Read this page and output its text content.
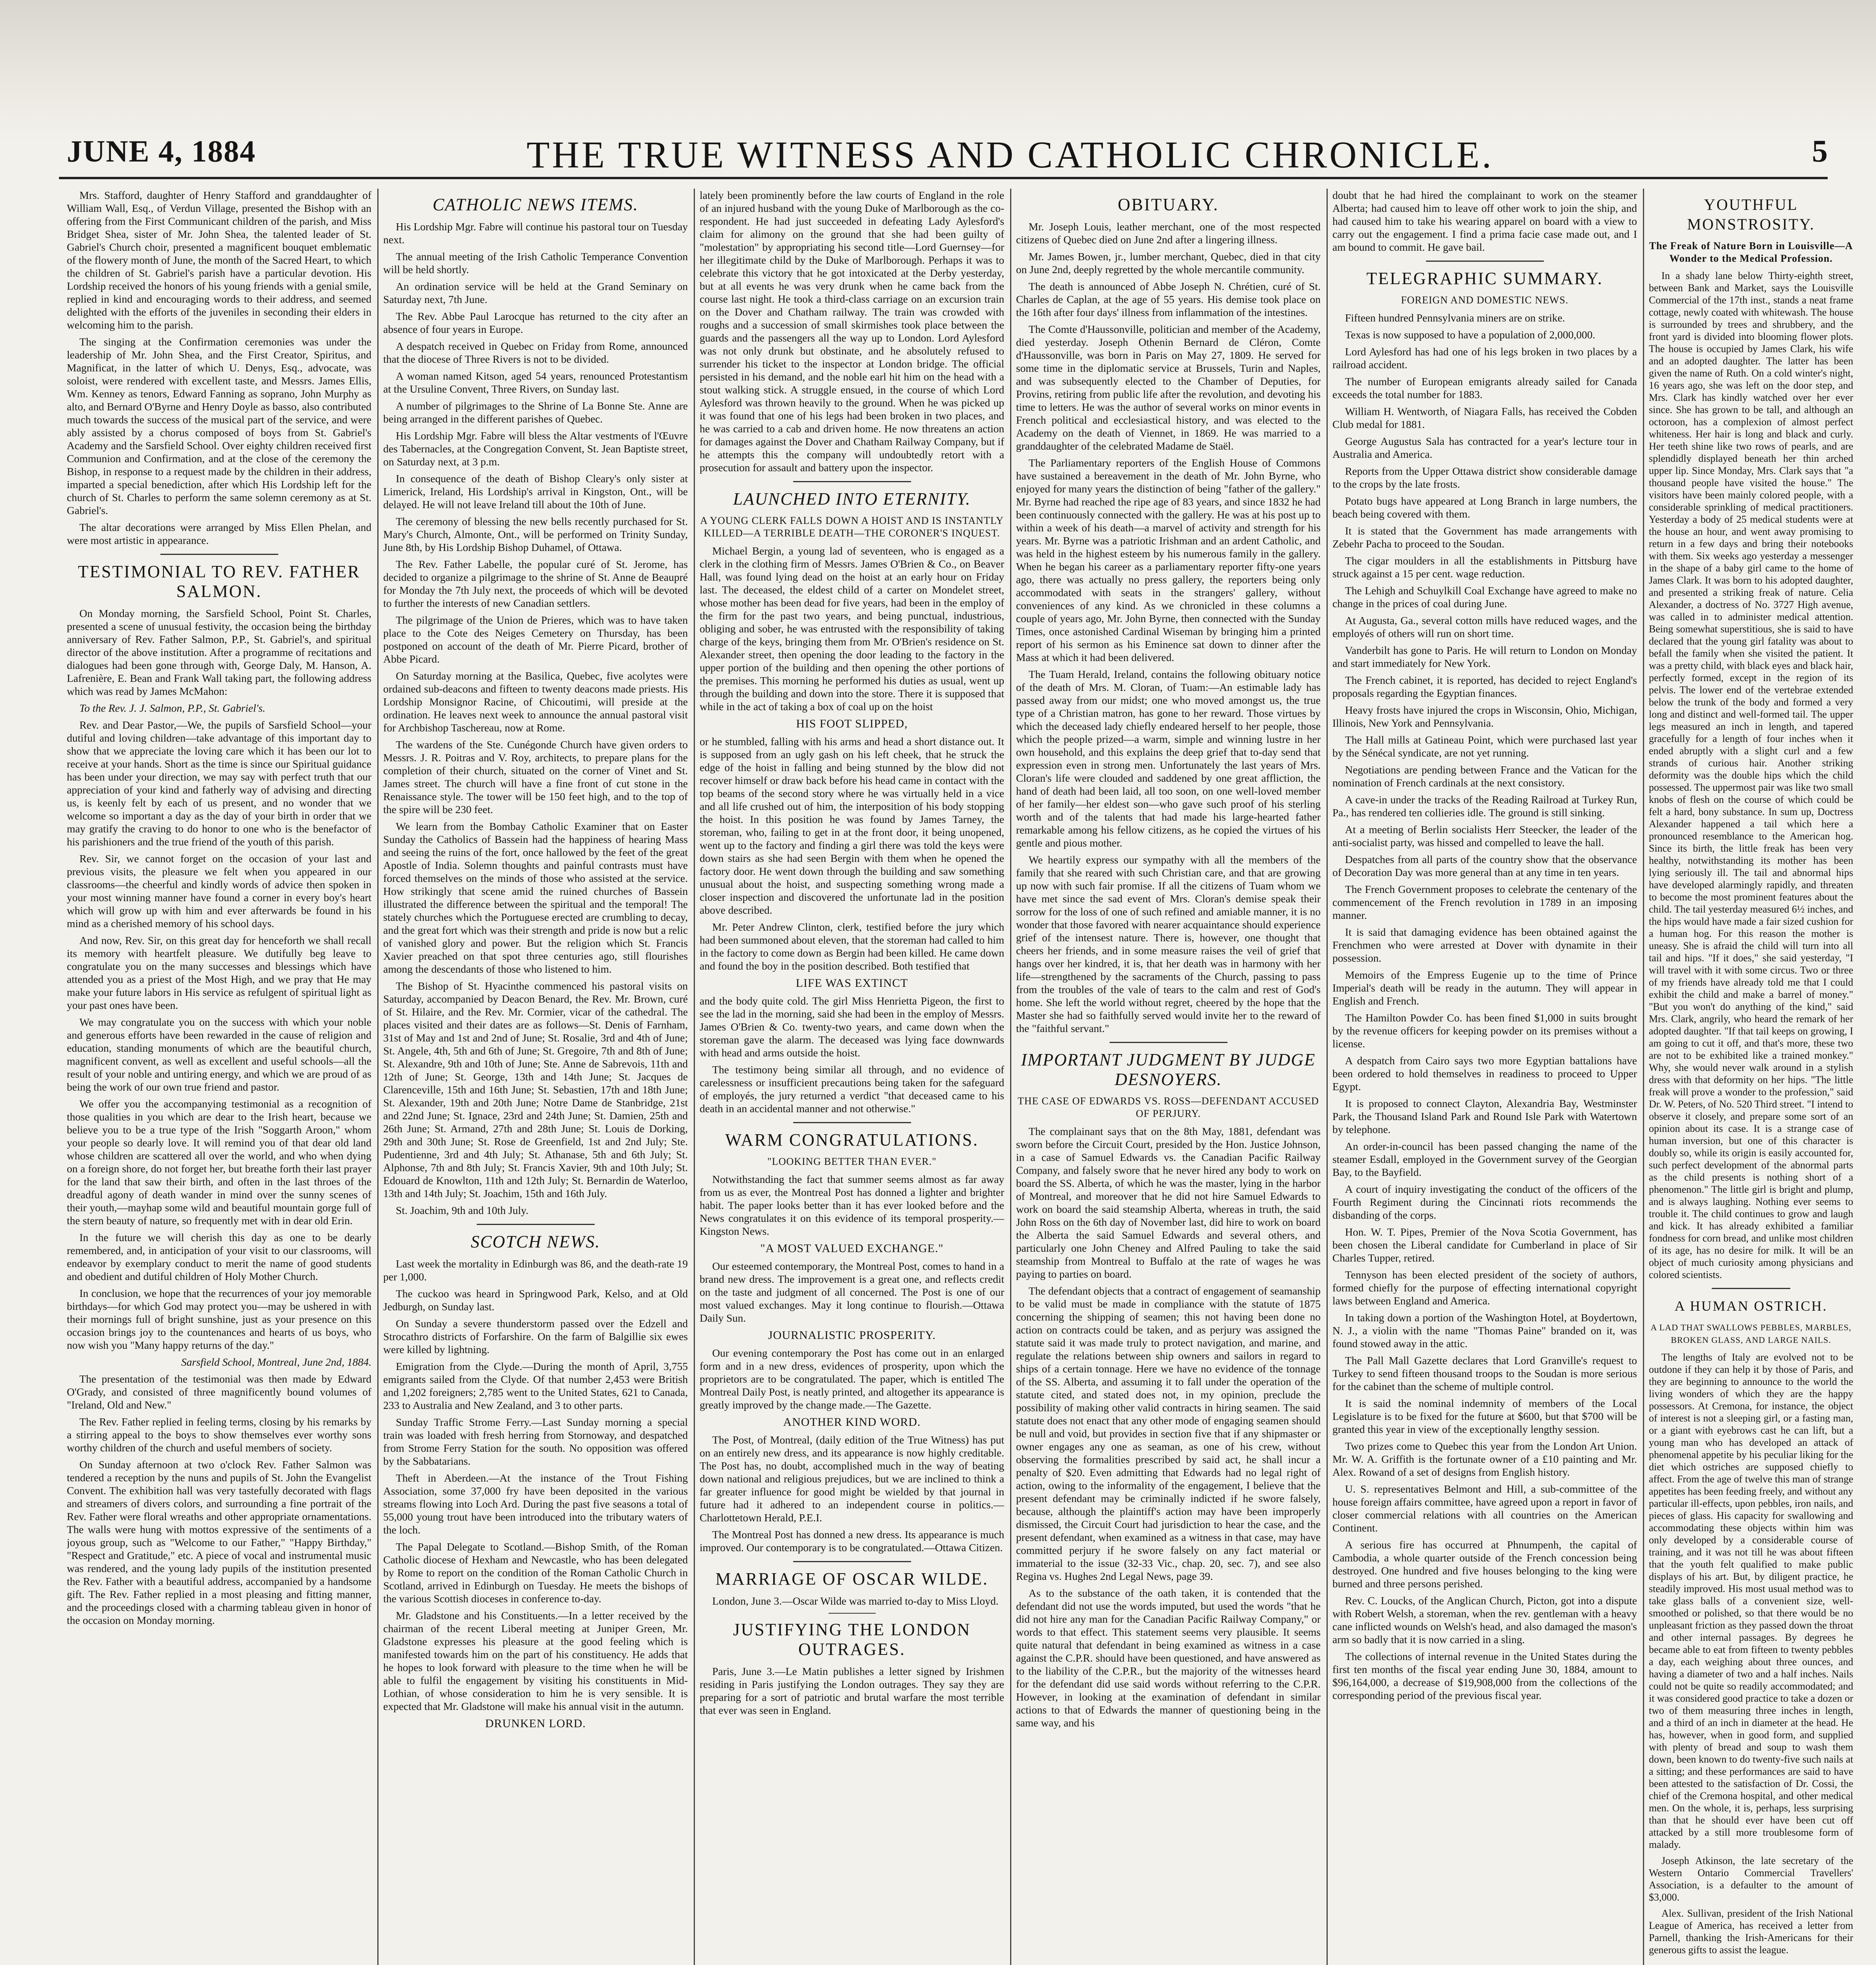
JUNE 4, 1884	THE TRUE WITNESS AND CATHOLIC CHRONICLE.	5

Mrs. Stafford, daughter of Henry Stafford and granddaughter of William Wall, Esq., of Verdun Village, presented the Bishop with an offering from the First Communicant children of the parish, and Miss Bridget Shea, sister of Mr. John Shea, the talented leader of St. Gabriel's Church choir, presented a magnificent bouquet emblematic of the flowery month of June, the month of the Sacred Heart, to which the children of St. Gabriel's parish have a particular devotion. His Lordship received the honors of his young friends with a genial smile, replied in kind and encouraging words to their address, and seemed delighted with the efforts of the juveniles in seconding their elders in welcoming him to the parish.

The singing at the Confirmation ceremonies was under the leadership of Mr. John Shea, and the First Creator, Spiritus, and Magnificat, in the latter of which U. Denys, Esq., advocate, was soloist, were rendered with excellent taste, and Messrs. James Ellis, Wm. Kenney as tenors, Edward Fanning as soprano, John Murphy as alto, and Bernard O'Byrne and Henry Doyle as basso, also contributed much towards the success of the musical part of the service, and were ably assisted by a chorus composed of boys from St. Gabriel's Academy and the Sarsfield School. Over eighty children received first Communion and Confirmation, and at the close of the ceremony the Bishop, in response to a request made by the children in their address, imparted a special benediction, after which His Lordship left for the church of St. Charles to perform the same solemn ceremony as at St. Gabriel's.

The altar decorations were arranged by Miss Ellen Phelan, and were most artistic in appearance.

TESTIMONIAL TO REV. FATHER SALMON.

On Monday morning, the Sarsfield School, Point St. Charles, presented a scene of unusual festivity, the occasion being the birthday anniversary of Rev. Father Salmon, P.P., St. Gabriel's, and spiritual director of the above institution. After a programme of recitations and dialogues had been gone through with, George Daly, M. Hanson, A. Lafrenière, E. Bean and Frank Wall taking part, the following address which was read by James McMahon:

To the Rev. J. J. Salmon, P.P., St. Gabriel's.

Rev. and Dear Pastor,—We, the pupils of Sarsfield School—your dutiful and loving children—take advantage of this important day to show that we appreciate the loving care which it has been our lot to receive at your hands. Short as the time is since our Spiritual guidance has been under your direction, we may say with perfect truth that our appreciation of your kind and fatherly way of advising and directing us, is keenly felt by each of us present, and no wonder that we welcome so important a day as the day of your birth in order that we may gratify the craving to do honor to one who is the benefactor of his parishioners and the true friend of the youth of this parish.

Rev. Sir, we cannot forget on the occasion of your last and previous visits, the pleasure we felt when you appeared in our classrooms—the cheerful and kindly words of advice then spoken in your most winning manner have found a corner in every boy's heart which will grow up with him and ever afterwards be found in his mind as a cherished memory of his school days.

And now, Rev. Sir, on this great day for henceforth we shall recall its memory with heartfelt pleasure. We dutifully beg leave to congratulate you on the many successes and blessings which have attended you as a priest of the Most High, and we pray that He may make your future labors in His service as refulgent of spiritual light as your past ones have been.

We may congratulate you on the success with which your noble and generous efforts have been rewarded in the cause of religion and education, standing monuments of which are the beautiful church, magnificent convent, as well as excellent and useful schools—all the result of your noble and untiring energy, and which we are proud of as being the work of our own true friend and pastor.

We offer you the accompanying testimonial as a recognition of those qualities in you which are dear to the Irish heart, because we believe you to be a true type of the Irish "Soggarth Aroon," whom your people so dearly love. It will remind you of that dear old land whose children are scattered all over the world, and who when dying on a foreign shore, do not forget her, but breathe forth their last prayer for the land that saw their birth, and often in the last throes of the dreadful agony of death wander in mind over the sunny scenes of their youth,—mayhap some wild and beautiful mountain gorge full of the stern beauty of nature, so frequently met with in dear old Erin.

In the future we will cherish this day as one to be dearly remembered, and, in anticipation of your visit to our classrooms, will endeavor by exemplary conduct to merit the name of good students and obedient and dutiful children of Holy Mother Church.

In conclusion, we hope that the recurrences of your joy memorable birthdays—for which God may protect you—may be ushered in with their mornings full of bright sunshine, just as your presence on this occasion brings joy to the countenances and hearts of us boys, who now wish you "Many happy returns of the day."

Sarsfield School, Montreal, June 2nd, 1884.

The presentation of the testimonial was then made by Edward O'Grady, and consisted of three magnificently bound volumes of "Ireland, Old and New."

The Rev. Father replied in feeling terms, closing by his remarks by a stirring appeal to the boys to show themselves ever worthy sons worthy children of the church and useful members of society.

On Sunday afternoon at two o'clock Rev. Father Salmon was tendered a reception by the nuns and pupils of St. John the Evangelist Convent. The exhibition hall was very tastefully decorated with flags and streamers of divers colors, and surrounding a fine portrait of the Rev. Father were floral wreaths and other appropriate ornamentations. The walls were hung with mottos expressive of the sentiments of a joyous group, such as "Welcome to our Father," "Happy Birthday," "Respect and Gratitude," etc. A piece of vocal and instrumental music was rendered, and the young lady pupils of the institution presented the Rev. Father with a beautiful address, accompanied by a handsome gift. The Rev. Father replied in a most pleasing and fitting manner, and the proceedings closed with a charming tableau given in honor of the occasion on Monday morning.

CATHOLIC NEWS ITEMS.

His Lordship Mgr. Fabre will continue his pastoral tour on Tuesday next.

The annual meeting of the Irish Catholic Temperance Convention will be held shortly.

An ordination service will be held at the Grand Seminary on Saturday next, 7th June.

The Rev. Abbe Paul Larocque has returned to the city after an absence of four years in Europe.

A despatch received in Quebec on Friday from Rome, announced that the diocese of Three Rivers is not to be divided.

A woman named Kitson, aged 54 years, renounced Protestantism at the Ursuline Convent, Three Rivers, on Sunday last.

A number of pilgrimages to the Shrine of La Bonne Ste. Anne are being arranged in the different parishes of Quebec.

His Lordship Mgr. Fabre will bless the Altar vestments of l'Œuvre des Tabernacles, at the Congregation Convent, St. Jean Baptiste street, on Saturday next, at 3 p.m.

In consequence of the death of Bishop Cleary's only sister at Limerick, Ireland, His Lordship's arrival in Kingston, Ont., will be delayed. He will not leave Ireland till about the 10th of June.

The ceremony of blessing the new bells recently purchased for St. Mary's Church, Almonte, Ont., will be performed on Trinity Sunday, June 8th, by His Lordship Bishop Duhamel, of Ottawa.

The Rev. Father Labelle, the popular curé of St. Jerome, has decided to organize a pilgrimage to the shrine of St. Anne de Beaupré for Monday the 7th July next, the proceeds of which will be devoted to further the interests of new Canadian settlers.

The pilgrimage of the Union de Prieres, which was to have taken place to the Cote des Neiges Cemetery on Thursday, has been postponed on account of the death of Mr. Pierre Picard, brother of Abbe Picard.

On Saturday morning at the Basilica, Quebec, five acolytes were ordained sub-deacons and fifteen to twenty deacons made priests. His Lordship Monsignor Racine, of Chicoutimi, will preside at the ordination. He leaves next week to announce the annual pastoral visit for Archbishop Taschereau, now at Rome.

The wardens of the Ste. Cunégonde Church have given orders to Messrs. J. R. Poitras and V. Roy, architects, to prepare plans for the completion of their church, situated on the corner of Vinet and St. James street. The church will have a fine front of cut stone in the Renaissance style. The tower will be 150 feet high, and to the top of the spire will be 230 feet.

We learn from the Bombay Catholic Examiner that on Easter Sunday the Catholics of Bassein had the happiness of hearing Mass and seeing the ruins of the fort, once hallowed by the feet of the great Apostle of India. Solemn thoughts and painful contrasts must have forced themselves on the minds of those who assisted at the service. How strikingly that scene amid the ruined churches of Bassein illustrated the difference between the spiritual and the temporal! The stately churches which the Portuguese erected are crumbling to decay, and the great fort which was their strength and pride is now but a relic of vanished glory and power. But the religion which St. Francis Xavier preached on that spot three centuries ago, still flourishes among the descendants of those who listened to him.

The Bishop of St. Hyacinthe commenced his pastoral visits on Saturday, accompanied by Deacon Benard, the Rev. Mr. Brown, curé of St. Hilaire, and the Rev. Mr. Cormier, vicar of the cathedral. The places visited and their dates are as follows—St. Denis of Farnham, 31st of May and 1st and 2nd of June; St. Rosalie, 3rd and 4th of June; St. Angele, 4th, 5th and 6th of June; St. Gregoire, 7th and 8th of June; St. Alexandre, 9th and 10th of June; Ste. Anne de Sabrevois, 11th and 12th of June; St. George, 13th and 14th June; St. Jacques de Clarenceville, 15th and 16th June; St. Sebastien, 17th and 18th June; St. Alexander, 19th and 20th June; Notre Dame de Stanbridge, 21st and 22nd June; St. Ignace, 23rd and 24th June; St. Damien, 25th and 26th June; St. Armand, 27th and 28th June; St. Louis de Dorking, 29th and 30th June; St. Rose de Greenfield, 1st and 2nd July; Ste. Pudentienne, 3rd and 4th July; St. Athanase, 5th and 6th July; St. Alphonse, 7th and 8th July; St. Francis Xavier, 9th and 10th July; St. Edouard de Knowlton, 11th and 12th July; St. Bernardin de Waterloo, 13th and 14th July; St. Joachim, 15th and 16th July.

St. Joachim, 9th and 10th July.

SCOTCH NEWS.

Last week the mortality in Edinburgh was 86, and the death-rate 19 per 1,000.

The cuckoo was heard in Springwood Park, Kelso, and at Old Jedburgh, on Sunday last.

On Sunday a severe thunderstorm passed over the Edzell and Strocathro districts of Forfarshire. On the farm of Balgillie six ewes were killed by lightning.

Emigration from the Clyde.—During the month of April, 3,755 emigrants sailed from the Clyde. Of that number 2,453 were British and 1,202 foreigners; 2,785 went to the United States, 621 to Canada, 233 to Australia and New Zealand, and 3 to other parts.

Sunday Traffic Strome Ferry.—Last Sunday morning a special train was loaded with fresh herring from Stornoway, and despatched from Strome Ferry Station for the south. No opposition was offered by the Sabbatarians.

Theft in Aberdeen.—At the instance of the Trout Fishing Association, some 37,000 fry have been deposited in the various streams flowing into Loch Ard. During the past five seasons a total of 55,000 young trout have been introduced into the tributary waters of the loch.

The Papal Delegate to Scotland.—Bishop Smith, of the Roman Catholic diocese of Hexham and Newcastle, who has been delegated by Rome to report on the condition of the Roman Catholic Church in Scotland, arrived in Edinburgh on Tuesday. He meets the bishops of the various Scottish dioceses in conference to-day.

Mr. Gladstone and his Constituents.—In a letter received by the chairman of the recent Liberal meeting at Juniper Green, Mr. Gladstone expresses his pleasure at the good feeling which is manifested towards him on the part of his constituency. He adds that he hopes to look forward with pleasure to the time when he will be able to fulfil the engagement by visiting his constituents in Mid-Lothian, of whose consideration to him he is very sensible. It is expected that Mr. Gladstone will make his annual visit in the autumn.

DRUNKEN LORD.

lately been prominently before the law courts of England in the role of an injured husband with the young Duke of Marlborough as the co-respondent. He had just succeeded in defeating Lady Aylesford's claim for alimony on the ground that she had been guilty of "molestation" by appropriating his second title—Lord Guernsey—for her illegitimate child by the Duke of Marlborough. Perhaps it was to celebrate this victory that he got intoxicated at the Derby yesterday, but at all events he was very drunk when he came back from the course last night. He took a third-class carriage on an excursion train on the Dover and Chatham railway. The train was crowded with roughs and a succession of small skirmishes took place between the guards and the passengers all the way up to London. Lord Aylesford was not only drunk but obstinate, and he absolutely refused to surrender his ticket to the inspector at London bridge. The official persisted in his demand, and the noble earl hit him on the head with a stout walking stick. A struggle ensued, in the course of which Lord Aylesford was thrown heavily to the ground. When he was picked up it was found that one of his legs had been broken in two places, and he was carried to a cab and driven home. He now threatens an action for damages against the Dover and Chatham Railway Company, but if he attempts this the company will undoubtedly retort with a prosecution for assault and battery upon the inspector.

LAUNCHED INTO ETERNITY.
A YOUNG CLERK FALLS DOWN A HOIST AND IS INSTANTLY KILLED—A TERRIBLE DEATH—THE CORONER'S INQUEST.

Michael Bergin, a young lad of seventeen, who is engaged as a clerk in the clothing firm of Messrs. James O'Brien & Co., on Beaver Hall, was found lying dead on the hoist at an early hour on Friday last. The deceased, the eldest child of a carter on Mondelet street, whose mother has been dead for five years, had been in the employ of the firm for the past two years, and being punctual, industrious, obliging and sober, he was entrusted with the responsibility of taking charge of the keys, bringing them from Mr. O'Brien's residence on St. Alexander street, then opening the door leading to the factory in the upper portion of the building and then opening the other portions of the premises. This morning he performed his duties as usual, went up through the building and down into the store. There it is supposed that while in the act of taking a box of coal up on the hoist

HIS FOOT SLIPPED,

or he stumbled, falling with his arms and head a short distance out. It is supposed from an ugly gash on his left cheek, that he struck the edge of the hoist in falling and being stunned by the blow did not recover himself or draw back before his head came in contact with the top beams of the second story where he was virtually held in a vice and all life crushed out of him, the interposition of his body stopping the hoist. In this position he was found by James Tarney, the storeman, who, failing to get in at the front door, it being unopened, went up to the factory and finding a girl there was told the keys were down stairs as she had seen Bergin with them when he opened the factory door. He went down through the building and saw something unusual about the hoist, and suspecting something wrong made a closer inspection and discovered the unfortunate lad in the position above described.

Mr. Peter Andrew Clinton, clerk, testified before the jury which had been summoned about eleven, that the storeman had called to him in the factory to come down as Bergin had been killed. He came down and found the boy in the position described. Both testified that

LIFE WAS EXTINCT

and the body quite cold. The girl Miss Henrietta Pigeon, the first to see the lad in the morning, said she had been in the employ of Messrs. James O'Brien & Co. twenty-two years, and came down when the storeman gave the alarm. The deceased was lying face downwards with head and arms outside the hoist.

The testimony being similar all through, and no evidence of carelessness or insufficient precautions being taken for the safeguard of employés, the jury returned a verdict "that deceased came to his death in an accidental manner and not otherwise."

WARM CONGRATULATIONS.
"LOOKING BETTER THAN EVER."

Notwithstanding the fact that summer seems almost as far away from us as ever, the Montreal Post has donned a lighter and brighter habit. The paper looks better than it has ever looked before and the News congratulates it on this evidence of its temporal prosperity.—Kingston News.

"A MOST VALUED EXCHANGE."

Our esteemed contemporary, the Montreal Post, comes to hand in a brand new dress. The improvement is a great one, and reflects credit on the taste and judgment of all concerned. The Post is one of our most valued exchanges. May it long continue to flourish.—Ottawa Daily Sun.

JOURNALISTIC PROSPERITY.

Our evening contemporary the Post has come out in an enlarged form and in a new dress, evidences of prosperity, upon which the proprietors are to be congratulated. The paper, which is entitled The Montreal Daily Post, is neatly printed, and altogether its appearance is greatly improved by the change made.—The Gazette.

ANOTHER KIND WORD.

The Post, of Montreal, (daily edition of the True Witness) has put on an entirely new dress, and its appearance is now highly creditable. The Post has, no doubt, accomplished much in the way of beating down national and religious prejudices, but we are inclined to think a far greater influence for good might be wielded by that journal in future had it adhered to an independent course in politics.—Charlottetown Herald, P.E.I.

The Montreal Post has donned a new dress. Its appearance is much improved. Our contemporary is to be congratulated.—Ottawa Citizen.

MARRIAGE OF OSCAR WILDE.

London, June 3.—Oscar Wilde was married to-day to Miss Lloyd.

JUSTIFYING THE LONDON OUTRAGES.

Paris, June 3.—Le Matin publishes a letter signed by Irishmen residing in Paris justifying the London outrages. They say they are preparing for a sort of patriotic and brutal warfare the most terrible that ever was seen in England.

OBITUARY.

Mr. Joseph Louis, leather merchant, one of the most respected citizens of Quebec died on June 2nd after a lingering illness.

Mr. James Bowen, jr., lumber merchant, Quebec, died in that city on June 2nd, deeply regretted by the whole mercantile community.

The death is announced of Abbe Joseph N. Chrétien, curé of St. Charles de Caplan, at the age of 55 years. His demise took place on the 16th after four days' illness from inflammation of the intestines.

The Comte d'Haussonville, politician and member of the Academy, died yesterday. Joseph Othenin Bernard de Cléron, Comte d'Haussonville, was born in Paris on May 27, 1809. He served for some time in the diplomatic service at Brussels, Turin and Naples, and was subsequently elected to the Chamber of Deputies, for Provins, retiring from public life after the revolution, and devoting his time to letters. He was the author of several works on minor events in French political and ecclesiastical history, and was elected to the Academy on the death of Viennet, in 1869. He was married to a granddaughter of the celebrated Madame de Staël.

The Parliamentary reporters of the English House of Commons have sustained a bereavement in the death of Mr. John Byrne, who enjoyed for many years the distinction of being "father of the gallery." Mr. Byrne had reached the ripe age of 83 years, and since 1832 he had been continuously connected with the gallery. He was at his post up to within a week of his death—a marvel of activity and strength for his years. Mr. Byrne was a patriotic Irishman and an ardent Catholic, and was held in the highest esteem by his numerous family in the gallery. When he began his career as a parliamentary reporter fifty-one years ago, there was actually no press gallery, the reporters being only accommodated with seats in the strangers' gallery, without conveniences of any kind. As we chronicled in these columns a couple of years ago, Mr. John Byrne, then connected with the Sunday Times, once astonished Cardinal Wiseman by bringing him a printed report of his sermon as his Eminence sat down to dinner after the Mass at which it had been delivered.

The Tuam Herald, Ireland, contains the following obituary notice of the death of Mrs. M. Cloran, of Tuam:—An estimable lady has passed away from our midst; one who moved amongst us, the true type of a Christian matron, has gone to her reward. Those virtues by which the deceased lady chiefly endeared herself to her people, those which the people prized—a warm, simple and winning lustre in her own household, and this explains the deep grief that to-day send that expression even in strong men. Unfortunately the last years of Mrs. Cloran's life were clouded and saddened by one great affliction, the hand of death had been laid, all too soon, on one well-loved member of her family—her eldest son—who gave such proof of his sterling worth and of the talents that had made his large-hearted father remarkable among his fellow citizens, as he copied the virtues of his gentle and pious mother.

We heartily express our sympathy with all the members of the family that she reared with such Christian care, and that are growing up now with such fair promise. If all the citizens of Tuam whom we have met since the sad event of Mrs. Cloran's demise speak their sorrow for the loss of one of such refined and amiable manner, it is no wonder that those favored with nearer acquaintance should experience grief of the intensest nature. There is, however, one thought that cheers her friends, and in some measure raises the veil of grief that hangs over her kindred, it is, that her death was in harmony with her life—strengthened by the sacraments of the Church, passing to pass from the troubles of the vale of tears to the calm and rest of God's home. She left the world without regret, cheered by the hope that the Master she had so faithfully served would invite her to the reward of the "faithful servant."

IMPORTANT JUDGMENT BY JUDGE DESNOYERS.
THE CASE OF EDWARDS VS. ROSS—DEFENDANT ACCUSED OF PERJURY.

The complainant says that on the 8th May, 1881, defendant was sworn before the Circuit Court, presided by the Hon. Justice Johnson, in a case of Samuel Edwards vs. the Canadian Pacific Railway Company, and falsely swore that he never hired any body to work on board the SS. Alberta, of which he was the master, lying in the harbor of Montreal, and moreover that he did not hire Samuel Edwards to work on board the said steamship Alberta, whereas in truth, the said John Ross on the 6th day of November last, did hire to work on board the Alberta the said Samuel Edwards and several others, and particularly one John Cheney and Alfred Pauling to take the said steamship from Montreal to Buffalo at the rate of wages he was paying to parties on board.

The defendant objects that a contract of engagement of seamanship to be valid must be made in compliance with the statute of 1875 concerning the shipping of seamen; this not having been done no action on contracts could be taken, and as perjury was assigned the statute said it was made truly to protect navigation, and marine, and regulate the relations between ship owners and sailors in regard to ships of a certain tonnage. Here we have no evidence of the tonnage of the SS. Alberta, and assuming it to fall under the operation of the statute cited, and stated does not, in my opinion, preclude the possibility of making other valid contracts in hiring seamen. The said statute does not enact that any other mode of engaging seamen should be null and void, but provides in section five that if any shipmaster or owner engages any one as seaman, as one of his crew, without observing the formalities prescribed by said act, he shall incur a penalty of $20. Even admitting that Edwards had no legal right of action, owing to the informality of the engagement, I believe that the present defendant may be criminally indicted if he swore falsely, because, although the plaintiff's action may have been improperly dismissed, the Circuit Court had jurisdiction to hear the case, and the present defendant, when examined as a witness in that case, may have committed perjury if he swore falsely on any fact material or immaterial to the issue (32-33 Vic., chap. 20, sec. 7), and see also Regina vs. Hughes 2nd Legal News, page 39.

As to the substance of the oath taken, it is contended that the defendant did not use the words imputed, but used the words "that he did not hire any man for the Canadian Pacific Railway Company," or words to that effect. This statement seems very plausible. It seems quite natural that defendant in being examined as witness in a case against the C.P.R. should have been questioned, and have answered as to the liability of the C.P.R., but the majority of the witnesses heard for the defendant did use said words without referring to the C.P.R. However, in looking at the examination of defendant in similar actions to that of Edwards the manner of questioning being in the same way, and his

doubt that he had hired the complainant to work on the steamer Alberta; had caused him to leave off other work to join the ship, and had caused him to take his wearing apparel on board with a view to carry out the engagement. I find a prima facie case made out, and I am bound to commit. He gave bail.

TELEGRAPHIC SUMMARY.
FOREIGN AND DOMESTIC NEWS.

Fifteen hundred Pennsylvania miners are on strike.

Texas is now supposed to have a population of 2,000,000.

Lord Aylesford has had one of his legs broken in two places by a railroad accident.

The number of European emigrants already sailed for Canada exceeds the total number for 1883.

William H. Wentworth, of Niagara Falls, has received the Cobden Club medal for 1881.

George Augustus Sala has contracted for a year's lecture tour in Australia and America.

Reports from the Upper Ottawa district show considerable damage to the crops by the late frosts.

Potato bugs have appeared at Long Branch in large numbers, the beach being covered with them.

It is stated that the Government has made arrangements with Zebehr Pacha to proceed to the Soudan.

The cigar moulders in all the establishments in Pittsburg have struck against a 15 per cent. wage reduction.

The Lehigh and Schuylkill Coal Exchange have agreed to make no change in the prices of coal during June.

At Augusta, Ga., several cotton mills have reduced wages, and the employés of others will run on short time.

Vanderbilt has gone to Paris. He will return to London on Monday and start immediately for New York.

The French cabinet, it is reported, has decided to reject England's proposals regarding the Egyptian finances.

Heavy frosts have injured the crops in Wisconsin, Ohio, Michigan, Illinois, New York and Pennsylvania.

The Hall mills at Gatineau Point, which were purchased last year by the Sénécal syndicate, are not yet running.

Negotiations are pending between France and the Vatican for the nomination of French cardinals at the next consistory.

A cave-in under the tracks of the Reading Railroad at Turkey Run, Pa., has rendered ten collieries idle. The ground is still sinking.

At a meeting of Berlin socialists Herr Steecker, the leader of the anti-socialist party, was hissed and compelled to leave the hall.

Despatches from all parts of the country show that the observance of Decoration Day was more general than at any time in ten years.

The French Government proposes to celebrate the centenary of the commencement of the French revolution in 1789 in an imposing manner.

It is said that damaging evidence has been obtained against the Frenchmen who were arrested at Dover with dynamite in their possession.

Memoirs of the Empress Eugenie up to the time of Prince Imperial's death will be ready in the autumn. They will appear in English and French.

The Hamilton Powder Co. has been fined $1,000 in suits brought by the revenue officers for keeping powder on its premises without a license.

A despatch from Cairo says two more Egyptian battalions have been ordered to hold themselves in readiness to proceed to Upper Egypt.

It is proposed to connect Clayton, Alexandria Bay, Westminster Park, the Thousand Island Park and Round Isle Park with Watertown by telephone.

An order-in-council has been passed changing the name of the steamer Esdall, employed in the Government survey of the Georgian Bay, to the Bayfield.

A court of inquiry investigating the conduct of the officers of the Fourth Regiment during the Cincinnati riots recommends the disbanding of the corps.

Hon. W. T. Pipes, Premier of the Nova Scotia Government, has been chosen the Liberal candidate for Cumberland in place of Sir Charles Tupper, retired.

Tennyson has been elected president of the society of authors, formed chiefly for the purpose of effecting international copyright laws between England and America.

In taking down a portion of the Washington Hotel, at Boydertown, N. J., a violin with the name "Thomas Paine" branded on it, was found stowed away in the attic.

The Pall Mall Gazette declares that Lord Granville's request to Turkey to send fifteen thousand troops to the Soudan is more serious for the cabinet than the scheme of multiple control.

It is said the nominal indemnity of members of the Local Legislature is to be fixed for the future at $600, but that $700 will be granted this year in view of the exceptionally lengthy session.

Two prizes come to Quebec this year from the London Art Union. Mr. W. A. Griffith is the fortunate owner of a £10 painting and Mr. Alex. Rowand of a set of designs from English history.

U. S. representatives Belmont and Hill, a sub-committee of the house foreign affairs committee, have agreed upon a report in favor of closer commercial relations with all countries on the American Continent.

A serious fire has occurred at Phnumpenh, the capital of Cambodia, a whole quarter outside of the French concession being destroyed. One hundred and five houses belonging to the king were burned and three persons perished.

Rev. C. Loucks, of the Anglican Church, Picton, got into a dispute with Robert Welsh, a storeman, when the rev. gentleman with a heavy cane inflicted wounds on Welsh's head, and also damaged the mason's arm so badly that it is now carried in a sling.

The collections of internal revenue in the United States during the first ten months of the fiscal year ending June 30, 1884, amount to $96,164,000, a decrease of $19,908,000 from the collections of the corresponding period of the previous fiscal year.

YOUTHFUL MONSTROSITY.
The Freak of Nature Born in Louisville—A Wonder to the Medical Profession.

In a shady lane below Thirty-eighth street, between Bank and Market, says the Louisville Commercial of the 17th inst., stands a neat frame cottage, newly coated with whitewash. The house is surrounded by trees and shrubbery, and the front yard is divided into blooming flower plots. The house is occupied by James Clark, his wife and an adopted daughter. The latter has been given the name of Ruth. On a cold winter's night, 16 years ago, she was left on the door step, and Mrs. Clark has kindly watched over her ever since. She has grown to be tall, and although an octoroon, has a complexion of almost perfect whiteness. Her hair is long and black and curly. Her teeth shine like two rows of pearls, and are splendidly displayed beneath her thin arched upper lip. Since Monday, Mrs. Clark says that "a thousand people have visited the house." The visitors have been mainly colored people, with a considerable sprinkling of medical practitioners. Yesterday a body of 25 medical students were at the house an hour, and went away promising to return in a few days and bring their notebooks with them. Six weeks ago yesterday a messenger in the shape of a baby girl came to the home of James Clark. It was born to his adopted daughter, and presented a striking freak of nature. Celia Alexander, a doctress of No. 3727 High avenue, was called in to administer medical attention. Being somewhat superstitious, she is said to have declared that the young girl fatality was about to befall the family when she visited the patient. It was a pretty child, with black eyes and black hair, perfectly formed, except in the region of its pelvis. The lower end of the vertebrae extended below the trunk of the body and formed a very long and distinct and well-formed tail. The upper legs measured an inch in length, and tapered gracefully for a length of four inches when it ended abruptly with a slight curl and a few strands of curious hair. Another striking deformity was the double hips which the child possessed. The uppermost pair was like two small knobs of flesh on the course of which could be felt a hard, bony substance. In sum up, Doctress Alexander happened a tail which here a pronounced resemblance to the American hog. Since its birth, the little freak has been very healthy, notwithstanding its mother has been lying seriously ill. The tail and abnormal hips have developed alarmingly rapidly, and threaten to become the most prominent features about the child. The tail yesterday measured 6½ inches, and the hips would have made a fair sized cushion for a human hog. For this reason the mother is uneasy. She is afraid the child will turn into all tail and hips. "If it does," she said yesterday, "I will travel with it with some circus. Two or three of my friends have already told me that I could exhibit the child and make a barrel of money." "But you won't do anything of the kind," said Mrs. Clark, angrily, who heard the remark of her adopted daughter. "If that tail keeps on growing, I am going to cut it off, and that's more, these two are not to be exhibited like a trained monkey." Why, she would never walk around in a stylish dress with that deformity on her hips. "The little freak will prove a wonder to the profession," said Dr. W. Peters, of No. 520 Third street. "I intend to observe it closely, and prepare some sort of an opinion about its case. It is a strange case of human inversion, but one of this character is doubly so, while its origin is easily accounted for, such perfect development of the abnormal parts as the child presents is nothing short of a phenomenon." The little girl is bright and plump, and is always laughing. Nothing ever seems to trouble it. The child continues to grow and laugh and kick. It has already exhibited a familiar fondness for corn bread, and unlike most children of its age, has no desire for milk. It will be an object of much curiosity among physicians and colored scientists.

A HUMAN OSTRICH.
A LAD THAT SWALLOWS PEBBLES, MARBLES, BROKEN GLASS, AND LARGE NAILS.

The lengths of Italy are evolved not to be outdone if they can help it by those of Paris, and they are beginning to announce to the world the living wonders of which they are the happy possessors. At Cremona, for instance, the object of interest is not a sleeping girl, or a fasting man, or a giant with eyebrows cast he can lift, but a young man who has developed an attack of phenomenal appetite by his peculiar liking for the diet which ostriches are supposed chiefly to affect. From the age of twelve this man of strange appetites has been feeding freely, and without any particular ill-effects, upon pebbles, iron nails, and pieces of glass. His capacity for swallowing and accommodating these objects within him was only developed by a considerable course of training, and it was not till he was about fifteen that the youth felt qualified to make public displays of his art. But, by diligent practice, he steadily improved. His most usual method was to take glass balls of a convenient size, well-smoothed or polished, so that there would be no unpleasant friction as they passed down the throat and other internal passages. By degrees he became able to eat from fifteen to twenty pebbles a day, each weighing about three ounces, and having a diameter of two and a half inches. Nails could not be quite so readily accommodated; and it was considered good practice to take a dozen or two of them measuring three inches in length, and a third of an inch in diameter at the head. He has, however, when in good form, and supplied with plenty of bread and soup to wash them down, been known to do twenty-five such nails at a sitting; and these performances are said to have been attested to the satisfaction of Dr. Cossi, the chief of the Cremona hospital, and other medical men. On the whole, it is, perhaps, less surprising than that he should ever have been cut off attacked by a still more troublesome form of malady.

Joseph Atkinson, the late secretary of the Western Ontario Commercial Travellers' Association, is a defaulter to the amount of $3,000.

Alex. Sullivan, president of the Irish National League of America, has received a letter from Parnell, thanking the Irish-Americans for their generous gifts to assist the league.
